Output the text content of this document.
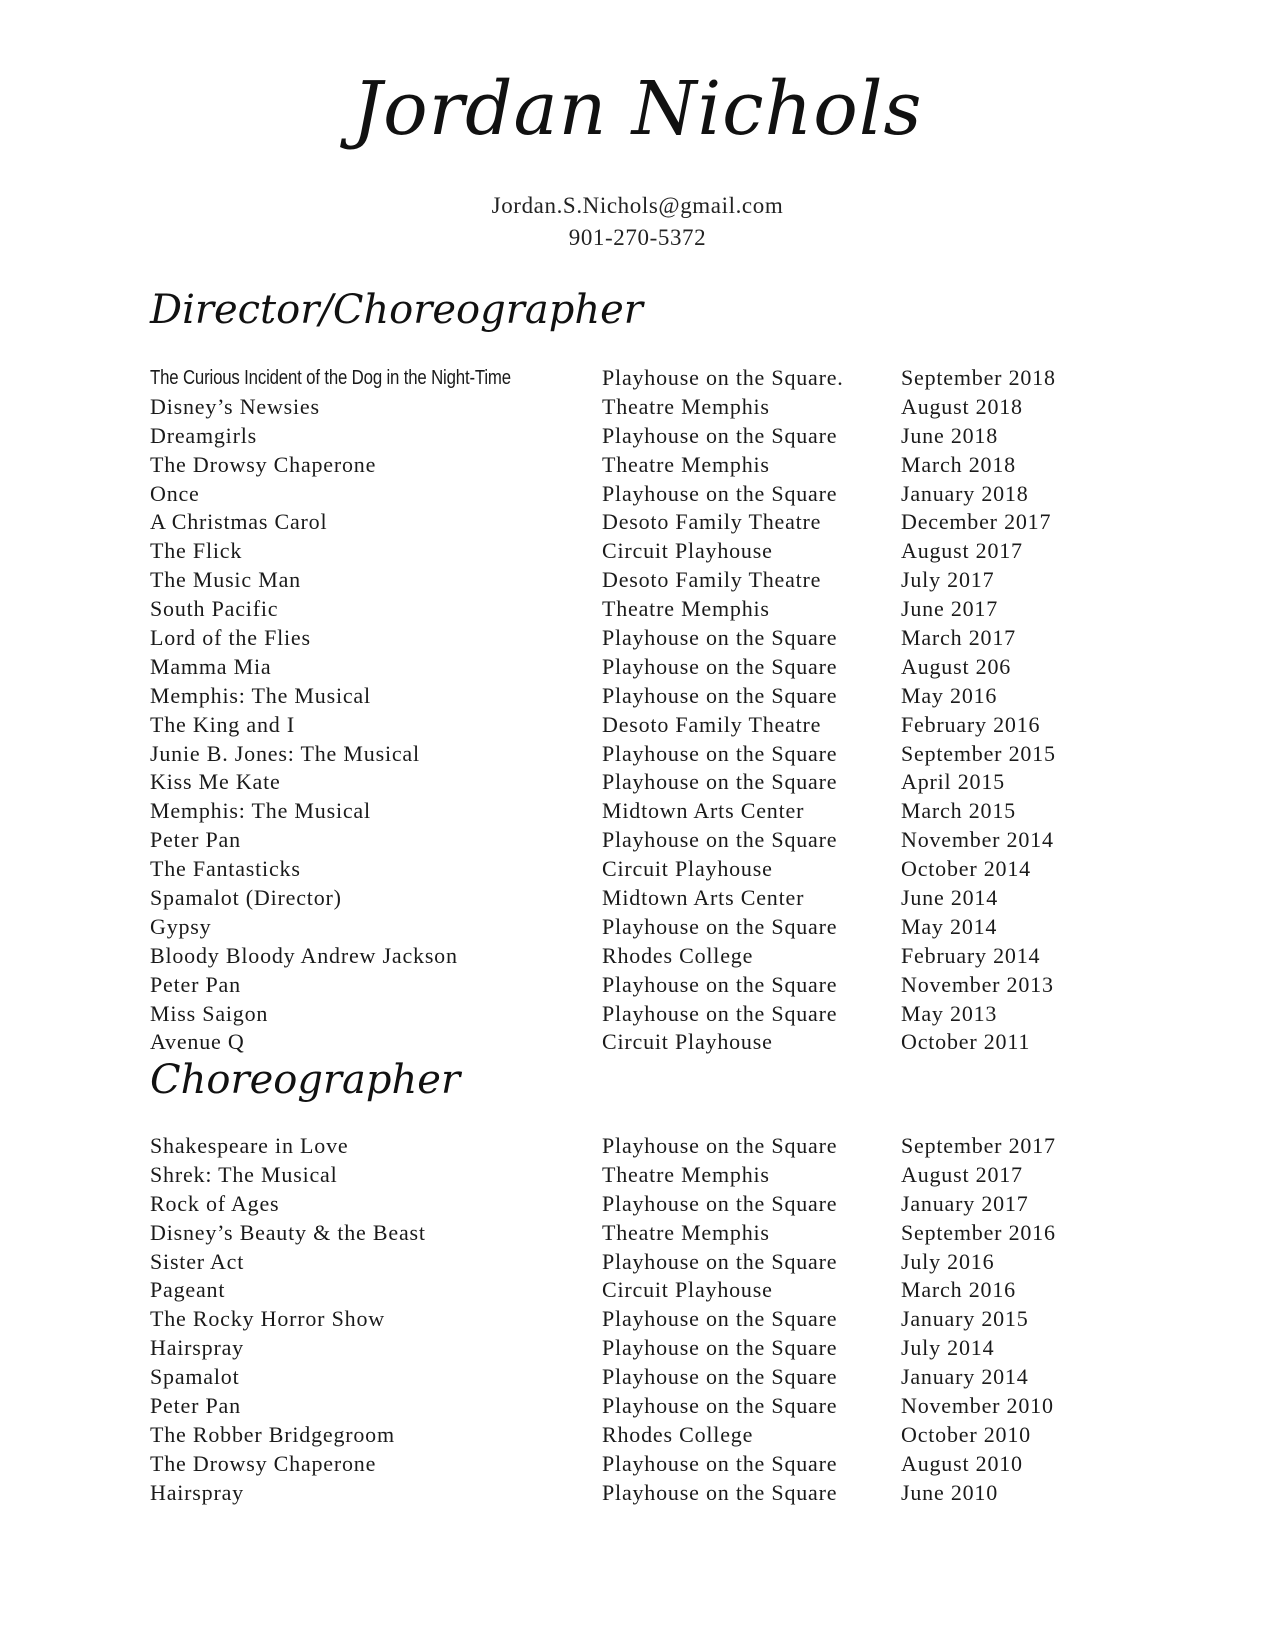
Jordan Nichols
Jordan.S.Nichols@gmail.com
901-270-5372
Director/Choreographer
The Curious Incident of the Dog in the Night-Time	Playhouse on the Square.	September 2018
Disney’s Newsies	Theatre Memphis	August 2018
Dreamgirls	Playhouse on the Square	June 2018
The Drowsy Chaperone	Theatre Memphis	March 2018
Once	Playhouse on the Square	January 2018
A Christmas Carol	Desoto Family Theatre	December 2017
The Flick	Circuit Playhouse	August 2017
The Music Man	Desoto Family Theatre	July 2017
South Pacific	Theatre Memphis	June 2017
Lord of the Flies	Playhouse on the Square	March 2017
Mamma Mia	Playhouse on the Square	August 206
Memphis: The Musical	Playhouse on the Square	May 2016
The King and I	Desoto Family Theatre	February 2016
Junie B. Jones: The Musical	Playhouse on the Square	September 2015
Kiss Me Kate	Playhouse on the Square	April 2015
Memphis: The Musical	Midtown Arts Center	March 2015
Peter Pan	Playhouse on the Square	November 2014
The Fantasticks	Circuit Playhouse	October 2014
Spamalot (Director)	Midtown Arts Center	June 2014
Gypsy	Playhouse on the Square	May 2014
Bloody Bloody Andrew Jackson	Rhodes College	February 2014
Peter Pan	Playhouse on the Square	November 2013
Miss Saigon	Playhouse on the Square	May 2013
Avenue Q	Circuit Playhouse	October 2011
Choreographer
Shakespeare in Love	Playhouse on the Square	September 2017
Shrek: The Musical	Theatre Memphis	August 2017
Rock of Ages	Playhouse on the Square	January 2017
Disney’s Beauty & the Beast	Theatre Memphis	September 2016
Sister Act	Playhouse on the Square	July 2016
Pageant	Circuit Playhouse	March 2016
The Rocky Horror Show	Playhouse on the Square	January 2015
Hairspray	Playhouse on the Square	July 2014
Spamalot	Playhouse on the Square	January 2014
Peter Pan	Playhouse on the Square	November 2010
The Robber Bridgegroom	Rhodes College	October 2010
The Drowsy Chaperone	Playhouse on the Square	August 2010
Hairspray	Playhouse on the Square	June 2010
